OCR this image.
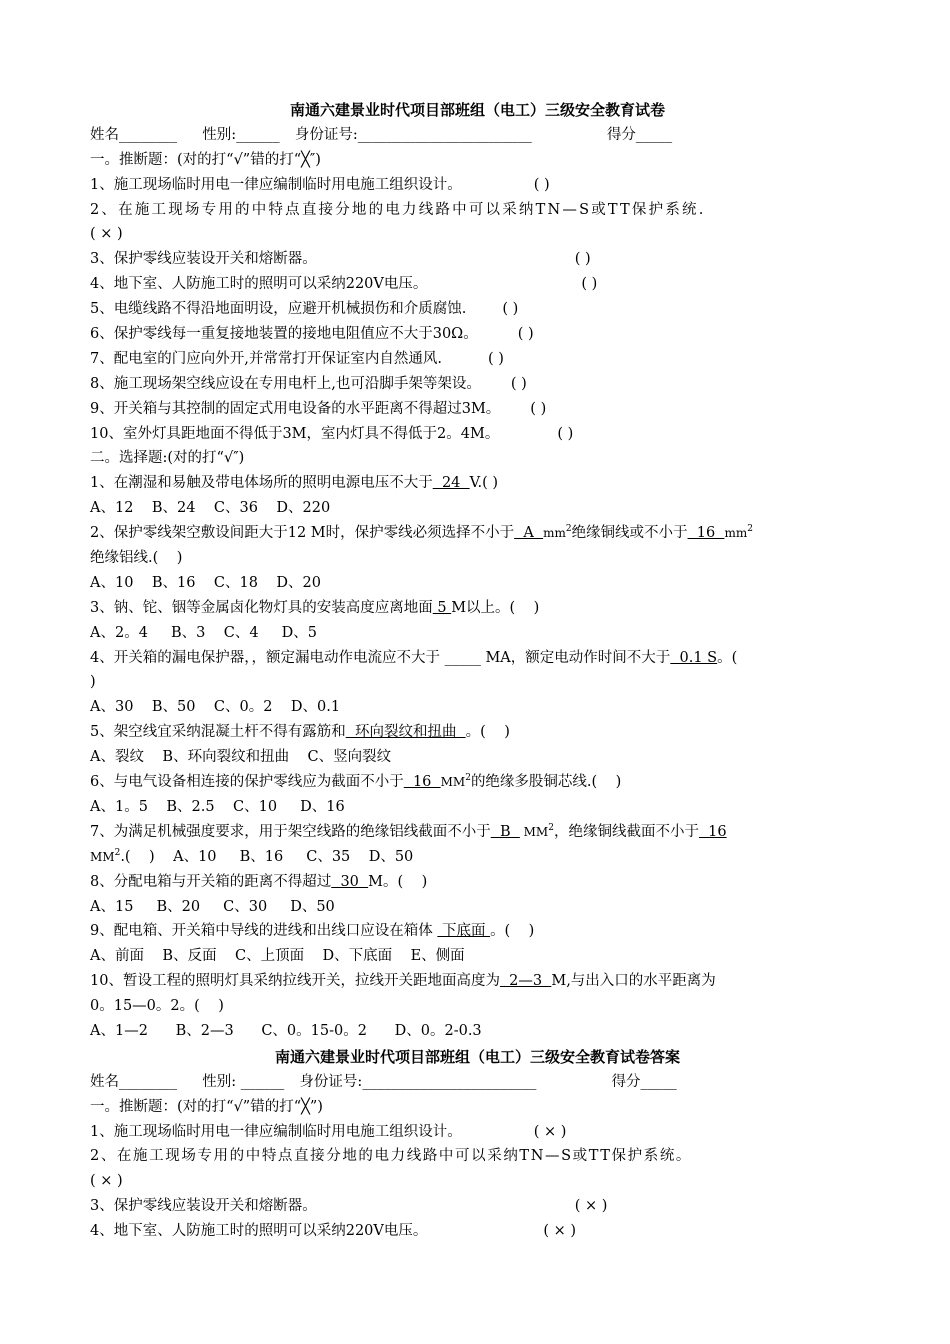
南通六建景业时代项目部班组（电工）三级安全教育试卷
姓名________ 性别:______ 身份证号:________________________	得分_____
一。推断题：(对的打“√”错的打“╳″)
1、施工现场临时用电一律应编制临时用电施工组织设计。	( )
2、在施工现场专用的中特点直接分地的电力线路中可以采纳TN—S或TT保护系统.
( × )
3、保护零线应装设开关和熔断器。	( )
4、地下室、人防施工时的照明可以采纳220V电压。	( )
5、电缆线路不得沿地面明设，应避开机械损伤和介质腐蚀. ( )
6、保护零线每一重复接地装置的接地电阻值应不大于30Ω。	( )
7、配电室的门应向外开,并常常打开保证室内自然通风.	( )
8、施工现场架空线应设在专用电杆上,也可沿脚手架等架设。 ( )
9、开关箱与其控制的固定式用电设备的水平距离不得超过3M。 ( )
10、室外灯具距地面不得低于3M，室内灯具不得低于2。4M。	( )
二。选择题:(对的打“√″)
1、在潮湿和易触及带电体场所的照明电源电压不大于  24  V.( )
A、12    B、24    C、36    D、220
2、保护零线架空敷设间距大于12 M时，保护零线必须选择不小于  A  $mm^2$绝缘铜线或不小于  16  $mm^2$
绝缘铝线.(    )
A、10    B、16    C、18    D、20
3、钠、铊、铟等金属卤化物灯具的安装高度应离地面 5 M以上。(    )
A、2。4     B、3    C、4     D、5
4、开关箱的漏电保护器，，额定漏电动作电流应不大于 _____ MA，额定电动作时间不大于  0.1 S。(
)
A、30    B、50    C、0。2    D、0.1
5、架空线宜采纳混凝土杆不得有露筋和  环向裂纹和扭曲  。(    )
A、裂纹    B、环向裂纹和扭曲    C、竖向裂纹
6、与电气设备相连接的保护零线应为截面不小于  16  $MM^2$的绝缘多股铜芯线.(    )
A、1。5    B、2.5    C、10     D、16
7、为满足机械强度要求，用于架空线路的绝缘铝线截面不小于  B   $MM^2$，绝缘铜线截面不小于  16
$MM^2$.(    )    A、10     B、16     C、35    D、50
8、分配电箱与开关箱的距离不得超过  30  M。(    )
A、15     B、20     C、30     D、50
9、配电箱、开关箱中导线的进线和出线口应设在箱体  下底面 。(    )
A、前面    B、反面    C、上顶面    D、下底面    E、侧面
10、暂设工程的照明灯具采纳拉线开关，拉线开关距地面高度为  2—3  M,与出入口的水平距离为
0。15—0。2。(    )
A、1—2      B、2—3      C、0。15-0。2      D、0。2-0.3
南通六建景业时代项目部班组（电工）三级安全教育试卷答案
姓名________ 性别: ______ 身份证号:________________________	得分_____
一。推断题：(对的打“√”错的打“╳”)
1、施工现场临时用电一律应编制临时用电施工组织设计。	( × )
2、在施工现场专用的中特点直接分地的电力线路中可以采纳TN—S或TT保护系统。
( × )
3、保护零线应装设开关和熔断器。	( × )
4、地下室、人防施工时的照明可以采纳220V电压。	( × )
